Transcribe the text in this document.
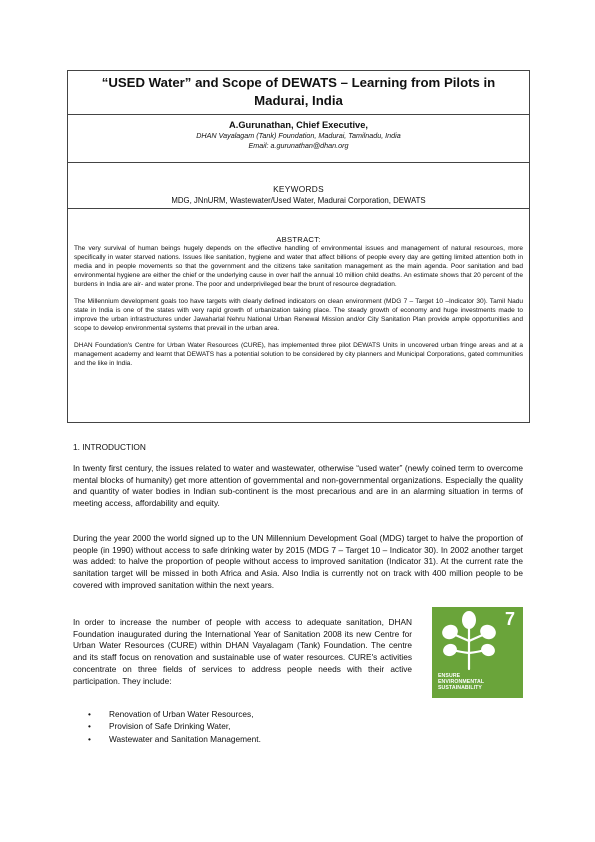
“USED Water” and Scope of DEWATS – Learning from Pilots in
Madurai, India
A.Gurunathan, Chief Executive,
DHAN Vayalagam (Tank) Foundation, Madurai, Tamilnadu, India
Email: a.gurunathan@dhan.org
KEYWORDS
MDG, JNnURM, Wastewater/Used Water, Madurai Corporation, DEWATS
ABSTRACT:

The very survival of human beings hugely depends on the effective handling of environmental issues and management of natural resources, more specifically in water starved nations. Issues like sanitation, hygiene and water that affect billions of people every day are getting limited attention both in media and in people movements so that the government and the citizens take sanitation management as the main agenda. Poor sanitation and bad environmental hygiene are either the chief or the underlying cause in over half the annual 10 million child deaths. An estimate shows that 20 percent of the burdens in India are air- and water prone. The poor and underprivileged bear the brunt of resource degradation.

The Millennium development goals too have targets with clearly defined indicators on clean environment (MDG 7 – Target 10 –Indicator 30). Tamil Nadu state in India is one of the states with very rapid growth of urbanization taking place. The steady growth of economy and huge investments made to improve the urban infrastructures under Jawaharlal Nehru National Urban Renewal Mission and/or City Sanitation Plan provide ample opportunities and scope to develop environmental systems that prevail in the urban area.

DHAN Foundation's Centre for Urban Water Resources (CURE), has implemented three pilot DEWATS Units in uncovered urban fringe areas and at a management academy and learnt that DEWATS has a potential solution to be considered by city planners and Municipal Corporations, gated communities and the like in India.

1. INTRODUCTION

In twenty first century, the issues related to water and wastewater, otherwise “used water” (newly coined term to overcome mental blocks of humanity) get more attention of governmental and non-governmental organizations. Especially the quality and quantity of water bodies in Indian sub-continent is the most precarious and are in an alarming situation in terms of meeting access, affordability and equity.

During the year 2000 the world signed up to the UN Millennium Development Goal (MDG) target to halve the proportion of people (in 1990) without access to safe drinking water by 2015 (MDG 7 – Target 10 – Indicator 30). In 2002 another target was added: to halve the proportion of people without access to improved sanitation (Indicator 31). At the current rate the sanitation target will be missed in both Africa and Asia. Also India is currently not on track with 400 million people to be covered with improved sanitation within the next years.

In order to increase the number of people with access to adequate sanitation, DHAN Foundation inaugurated during the International Year of Sanitation 2008 its new Centre for Urban Water Resources (CURE) within DHAN Vayalagam (Tank) Foundation. The centre and its staff focus on renovation and sustainable use of water resources. CURE's activities concentrate on three fields of services to address people needs with their active participation. They include:

• Renovation of Urban Water Resources,
• Provision of Safe Drinking Water,
• Wastewater and Sanitation Management.
7
ENSURE
ENVIRONMENTAL
SUSTAINABILITY
